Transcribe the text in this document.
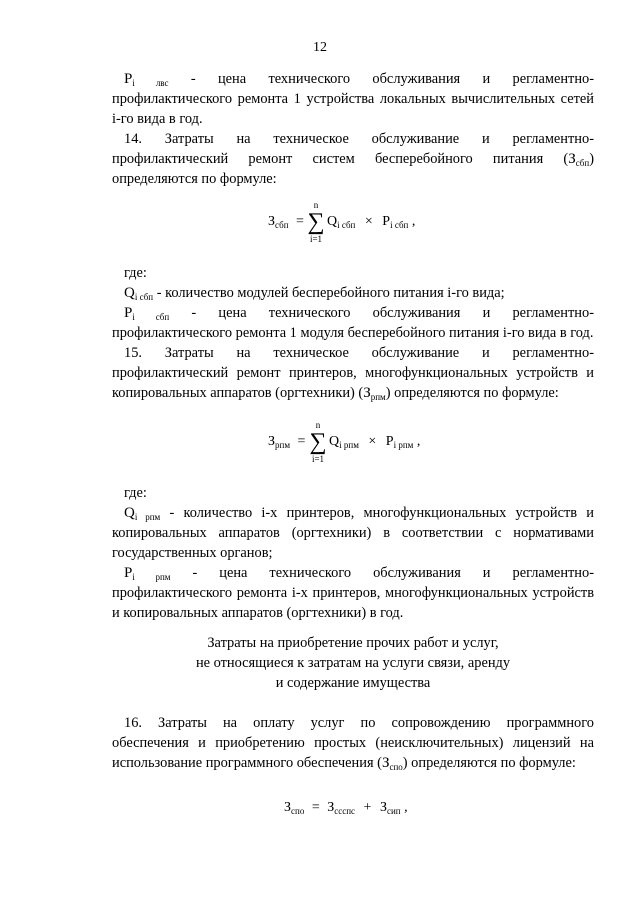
12
$P_{i лвс}$ - цена технического обслуживания и регламентно-
профилактического ремонта 1 устройства локальных вычислительных сетей
i-го вида в год.
14. Затраты на техническое обслуживание и регламентно-
профилактический ремонт систем бесперебойного питания $(З_{сбп})$
определяются по формуле:
$З_{сбп}$ =
n
∑
i=1
$Q_{i сбп} \times P_{i сбп}$ ,
где:
$Q_{i сбп}$ - количество модулей бесперебойного питания i-го вида;
$P_{i сбп}$ - цена технического обслуживания и регламентно-
профилактического ремонта 1 модуля бесперебойного питания i-го вида в год.
15. Затраты на техническое обслуживание и регламентно-
профилактический ремонт принтеров, многофункциональных устройств и
копировальных аппаратов (оргтехники) $(З_{рпм})$ определяются по формуле:
$З_{рпм}$ =
n
∑
i=1
$Q_{i рпм} \times P_{i рпм}$ ,
где:
$Q_{i рпм}$ - количество i-х принтеров, многофункциональных устройств и
копировальных аппаратов (оргтехники) в соответствии с нормативами
государственных органов;
$P_{i рпм}$ - цена технического обслуживания и регламентно-
профилактического ремонта i-х принтеров, многофункциональных устройств
и копировальных аппаратов (оргтехники) в год.
Затраты на приобретение прочих работ и услуг,
не относящиеся к затратам на услуги связи, аренду
и содержание имущества
16. Затраты на оплату услуг по сопровождению программного
обеспечения и приобретению простых (неисключительных) лицензий на
использование программного обеспечения $(З_{спо})$ определяются по формуле:
$З_{спо} = З_{ссспс} + З_{сип}$ ,
